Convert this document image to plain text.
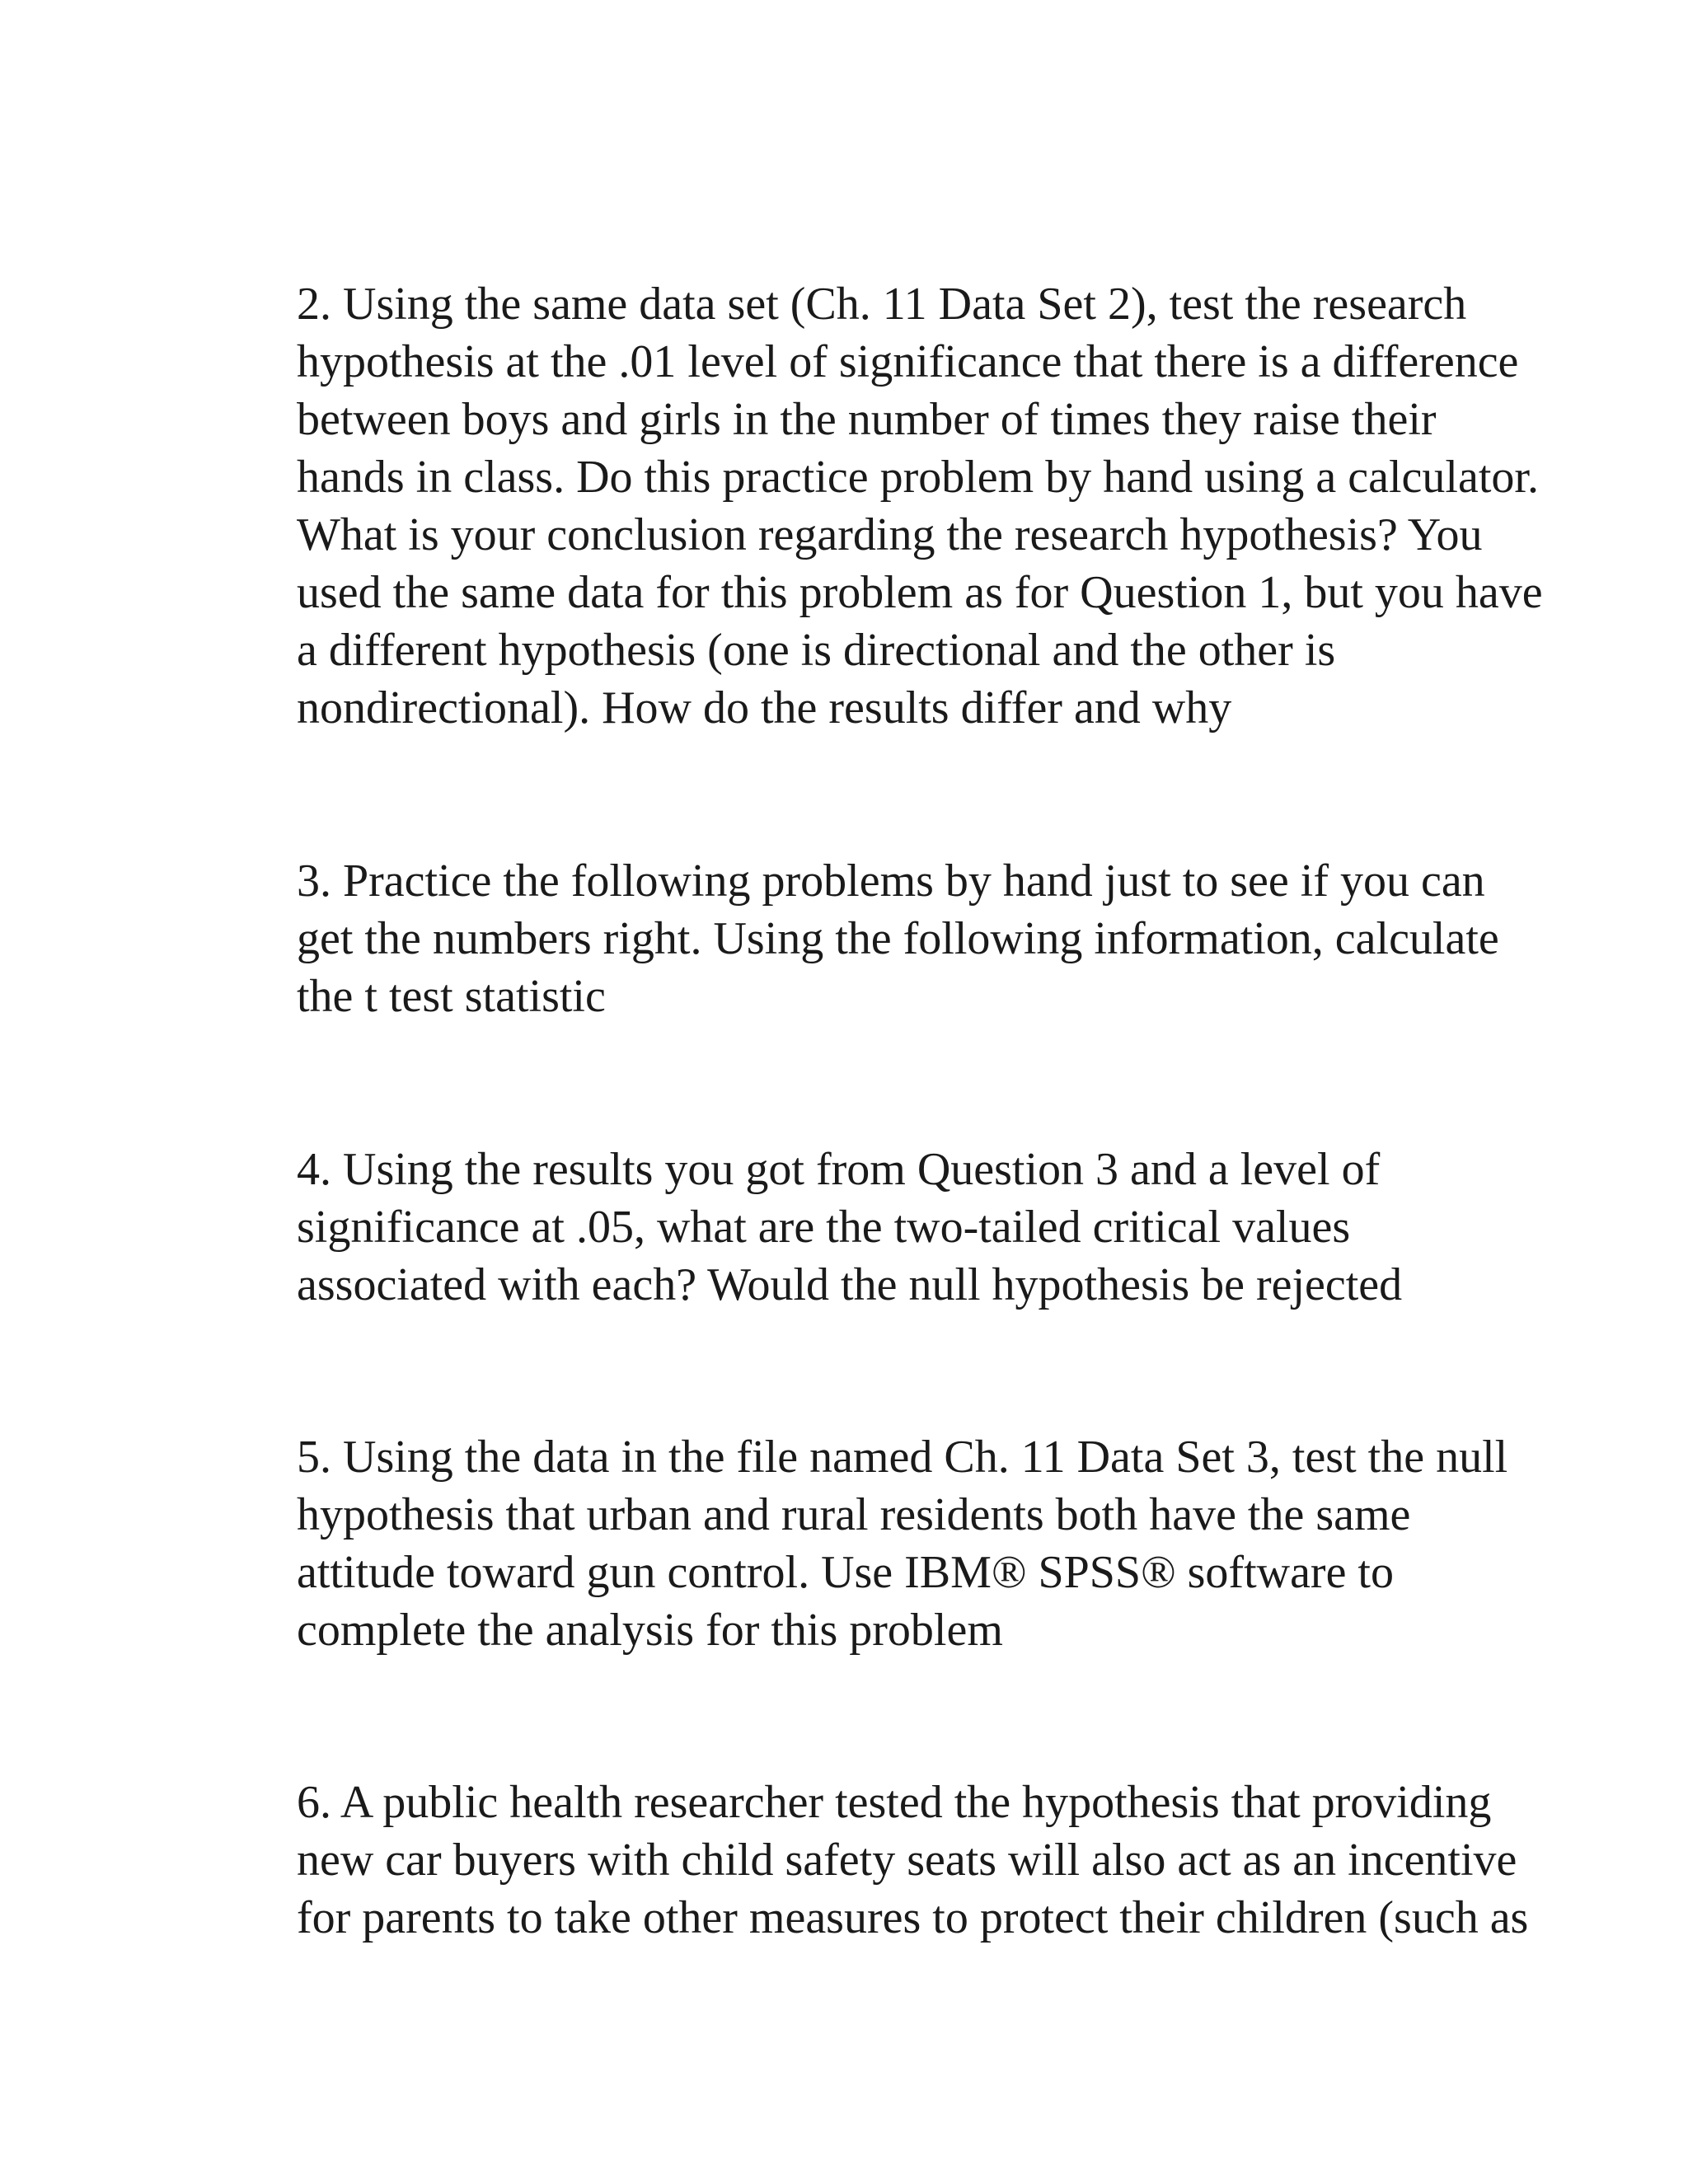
2. Using the same data set (Ch. 11 Data Set 2), test the research
hypothesis at the .01 level of significance that there is a difference
between boys and girls in the number of times they raise their
hands in class. Do this practice problem by hand using a calculator.
What is your conclusion regarding the research hypothesis? You
used the same data for this problem as for Question 1, but you have
a different hypothesis (one is directional and the other is
nondirectional). How do the results differ and why

3. Practice the following problems by hand just to see if you can
get the numbers right. Using the following information, calculate
the t test statistic

4. Using the results you got from Question 3 and a level of
significance at .05, what are the two-tailed critical values
associated with each? Would the null hypothesis be rejected

5. Using the data in the file named Ch. 11 Data Set 3, test the null
hypothesis that urban and rural residents both have the same
attitude toward gun control. Use IBM® SPSS® software to
complete the analysis for this problem

6. A public health researcher tested the hypothesis that providing
new car buyers with child safety seats will also act as an incentive
for parents to take other measures to protect their children (such as
